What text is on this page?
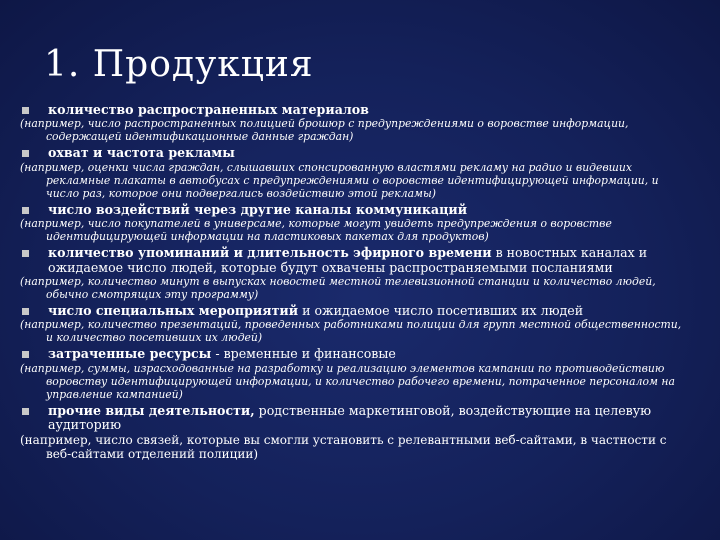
1. Продукция
количество распространенных материалов
(например, число распространенных полицией брошюр с предупреждениями о воровстве информации, содержащей идентификационные данные граждан)
охват и частота рекламы
(например, оценки числа граждан, слышавших спонсированную властями рекламу на радио и видевших рекламные плакаты в автобусах с предупреждениями о воровстве идентифицирующей информации, и число раз, которое они подвергались воздействию этой рекламы)
число воздействий через другие каналы коммуникаций
(например, число покупателей в универсаме, которые могут увидеть предупреждения о воровстве идентифицирующей информации на пластиковых пакетах для продуктов)
количество упоминаний и длительность эфирного времени в новостных каналах и ожидаемое число людей, которые будут охвачены распространяемыми посланиями
(например, количество минут в выпусках новостей местной телевизионной станции и количество людей, обычно смотрящих эту программу)
число специальных мероприятий и ожидаемое число посетивших их людей
(например, количество презентаций, проведенных работниками полиции для групп местной общественности, и количество посетивших их людей)
затраченные ресурсы - временные и финансовые
(например, суммы, израсходованные на разработку и реализацию элементов кампании по противодействию воровству идентифицирующей информации, и количество рабочего времени, потраченное персоналом на управление кампанией)
прочие виды деятельности, родственные маркетинговой, воздействующие на целевую аудиторию
(например, число связей, которые вы смогли установить с релевантными веб-сайтами, в частности с веб-сайтами отделений полиции)
